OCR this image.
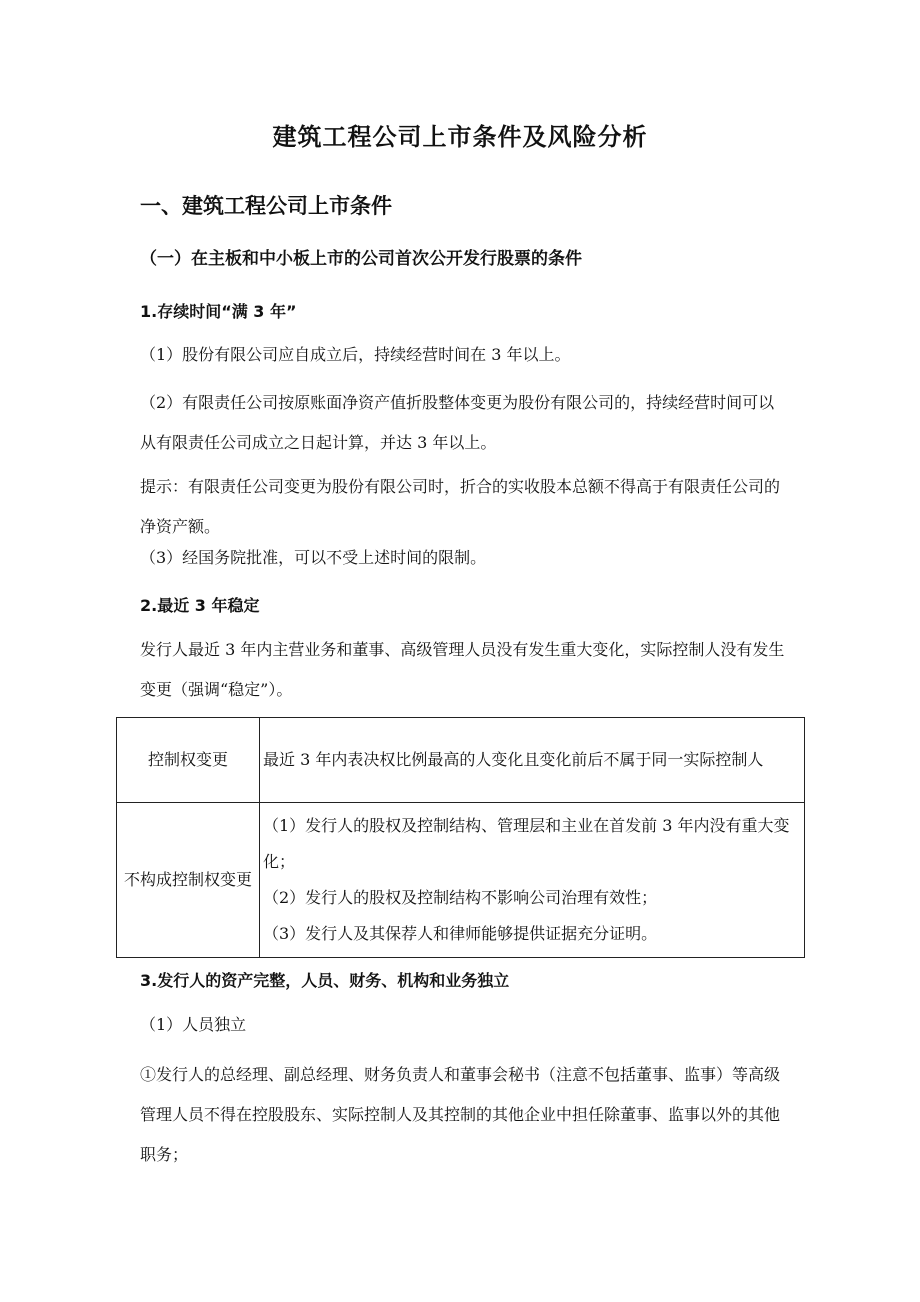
建筑工程公司上市条件及风险分析
一、建筑工程公司上市条件
（一）在主板和中小板上市的公司首次公开发行股票的条件
1.存续时间“满 3 年”
（1）股份有限公司应自成立后，持续经营时间在 3 年以上。
（2）有限责任公司按原账面净资产值折股整体变更为股份有限公司的，持续经营时间可以从有限责任公司成立之日起计算，并达 3 年以上。
提示：有限责任公司变更为股份有限公司时，折合的实收股本总额不得高于有限责任公司的净资产额。
（3）经国务院批准，可以不受上述时间的限制。
2.最近 3 年稳定
发行人最近 3 年内主营业务和董事、高级管理人员没有发生重大变化，实际控制人没有发生变更（强调“稳定”）。
控制权变更	最近 3 年内表决权比例最高的人变化且变化前后不属于同一实际控制人
不构成控制权变更	（1）发行人的股权及控制结构、管理层和主业在首发前 3 年内没有重大变化；
（2）发行人的股权及控制结构不影响公司治理有效性；
（3）发行人及其保荐人和律师能够提供证据充分证明。
3.发行人的资产完整，人员、财务、机构和业务独立
（1）人员独立
①发行人的总经理、副总经理、财务负责人和董事会秘书（注意不包括董事、监事）等高级管理人员不得在控股股东、实际控制人及其控制的其他企业中担任除董事、监事以外的其他职务；
